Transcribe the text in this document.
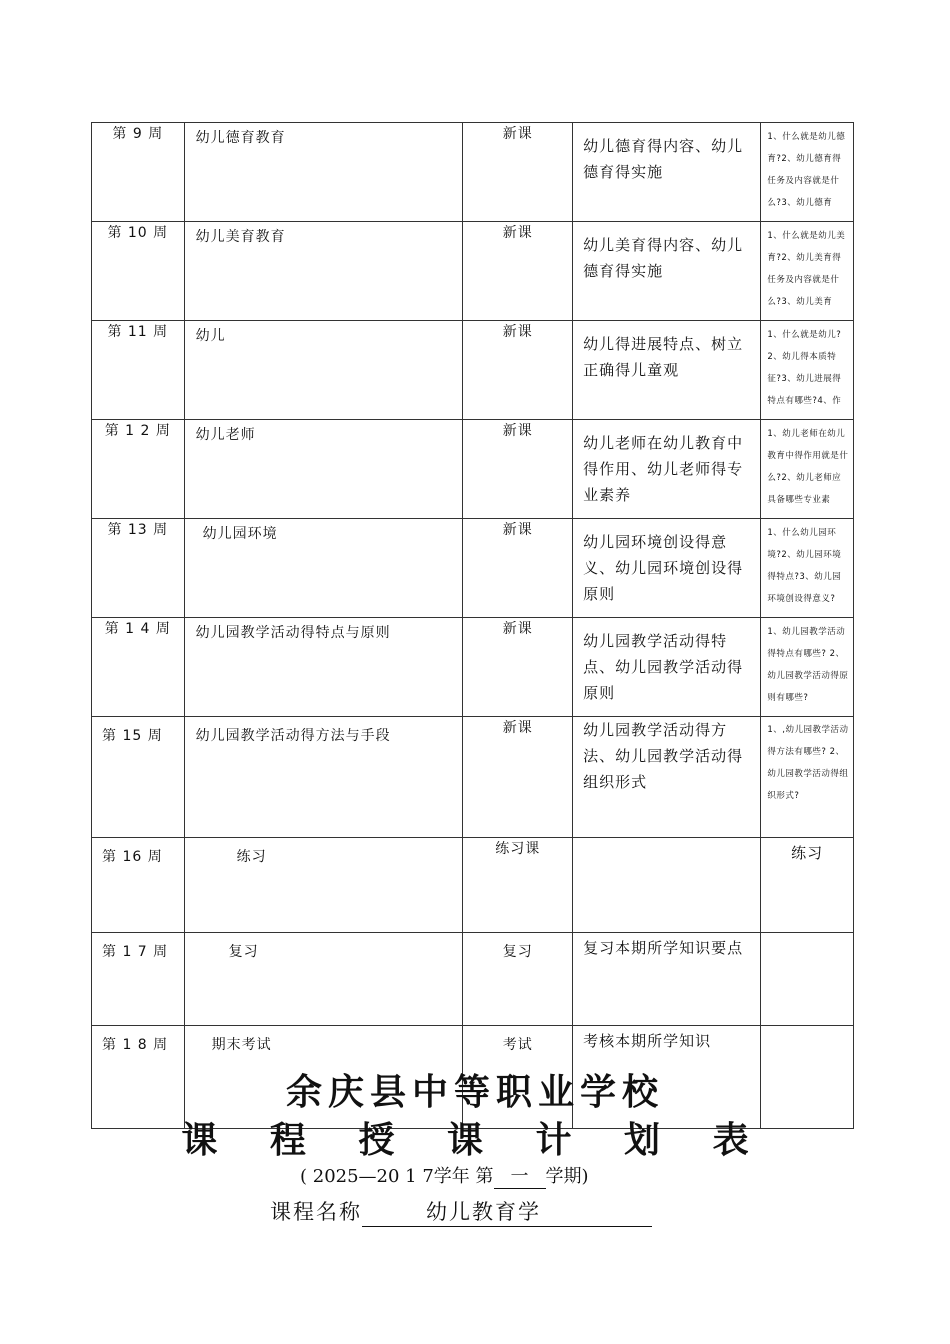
第 9 周	幼儿德育教育	新课	幼儿德育得内容、幼儿德育得实施	1、什么就是幼儿德育?2、幼儿德育得任务及内容就是什么?3、幼儿德育

第 10 周	幼儿美育教育	新课	幼儿美育得内容、幼儿德育得实施	1、什么就是幼儿美育?2、幼儿美育得任务及内容就是什么?3、幼儿美育

第 11 周	幼儿	新课	幼儿得进展特点、树立正确得儿童观	1、什么就是幼儿? 2、幼儿得本质特征?3、幼儿进展得特点有哪些?4、作

第 1 2 周	幼儿老师	新课	幼儿老师在幼儿教育中得作用、幼儿老师得专业素养	1、幼儿老师在幼儿教育中得作用就是什么?2、幼儿老师应具备哪些专业素

第 13 周	幼儿园环境	新课	幼儿园环境创设得意义、幼儿园环境创设得原则	1、什么幼儿园环境?2、幼儿园环境得特点?3、幼儿园环境创设得意义?

第 1 4 周	幼儿园教学活动得特点与原则	新课	幼儿园教学活动得特点、幼儿园教学活动得原则	1、幼儿园教学活动得特点有哪些? 2、幼儿园教学活动得原则有哪些?

第 15 周	幼儿园教学活动得方法与手段	新课	幼儿园教学活动得方法、幼儿园教学活动得组织形式	1、,幼儿园教学活动得方法有哪些? 2、 幼儿园教学活动得组织形式?

第 16 周	练习	练习课		练习

第 1 7 周	复习	复习	复习本期所学知识要点	

第 1 8 周	期末考试	考试	考核本期所学知识	

余庆县中等职业学校
课 程 授 课 计 划 表
( 2025—20 1 7学年 第 一 学期)
课程名称	幼儿教育学
